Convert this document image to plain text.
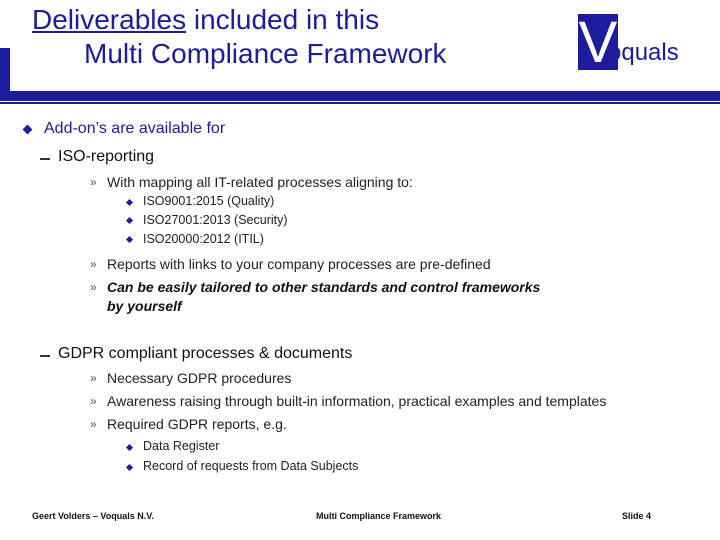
Deliverables included in this
Multi Compliance Framework V
oquals
Add-on’s are available for
ISO-reporting
» With mapping all IT-related processes aligning to:
ISO9001:2015 (Quality)
ISO27001:2013 (Security)
ISO20000:2012 (ITIL)
» Reports with links to your company processes are pre-defined
» Can be easily tailored to other standards and control frameworks
by yourself
GDPR compliant processes & documents
» Necessary GDPR procedures
» Awareness raising through built-in information, practical examples and templates
» Required GDPR reports, e.g.
Data Register
Record of requests from Data Subjects
Geert Volders – Voquals N.V.	Multi Compliance Framework	Slide 4
